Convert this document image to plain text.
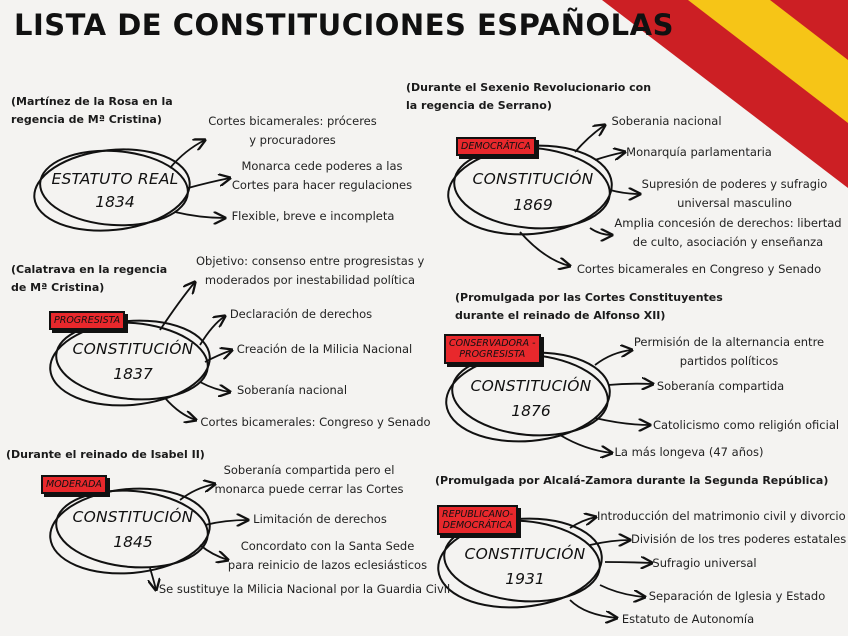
LISTA DE CONSTITUCIONES ESPAÑOLAS
(Martínez de la Rosa en la
regencia de Mª Cristina)
ESTATUTO REAL
1834
Cortes bicamerales: próceres
y procuradores
Monarca cede poderes a las
Cortes para hacer regulaciones
Flexible, breve e incompleta
(Calatrava en la regencia
de Mª Cristina)
PROGRESISTA
CONSTITUCIÓN
1837
Objetivo: consenso entre progresistas y
moderados por inestabilidad política
Declaración de derechos
Creación de la Milicia Nacional
Soberanía nacional
Cortes bicamerales: Congreso y Senado
(Durante el reinado de Isabel II)
MODERADA
CONSTITUCIÓN
1845
Soberanía compartida pero el
monarca puede cerrar las Cortes
Limitación de derechos
Concordato con la Santa Sede
para reinicio de lazos eclesiásticos
Se sustituye la Milicia Nacional por la Guardia Civil
(Durante el Sexenio Revolucionario con
la regencia de Serrano)
DEMOCRÁTICA
CONSTITUCIÓN
1869
Soberania nacional
Monarquía parlamentaria
Supresión de poderes y sufragio
universal masculino
Amplia concesión de derechos: libertad
de culto, asociación y enseñanza
Cortes bicamerales en Congreso y Senado
(Promulgada por las Cortes Constituyentes
durante el reinado de Alfonso XII)
CONSERVADORA -
PROGRESISTA
CONSTITUCIÓN
1876
Permisión de la alternancia entre
partidos políticos
Soberanía compartida
Catolicismo como religión oficial
La más longeva (47 años)
(Promulgada por Alcalá-Zamora durante la Segunda República)
REPUBLICANO-
DEMOCRÁTICA
CONSTITUCIÓN
1931
Introducción del matrimonio civil y divorcio
División de los tres poderes estatales
Sufragio universal
Separación de Iglesia y Estado
Estatuto de Autonomía
